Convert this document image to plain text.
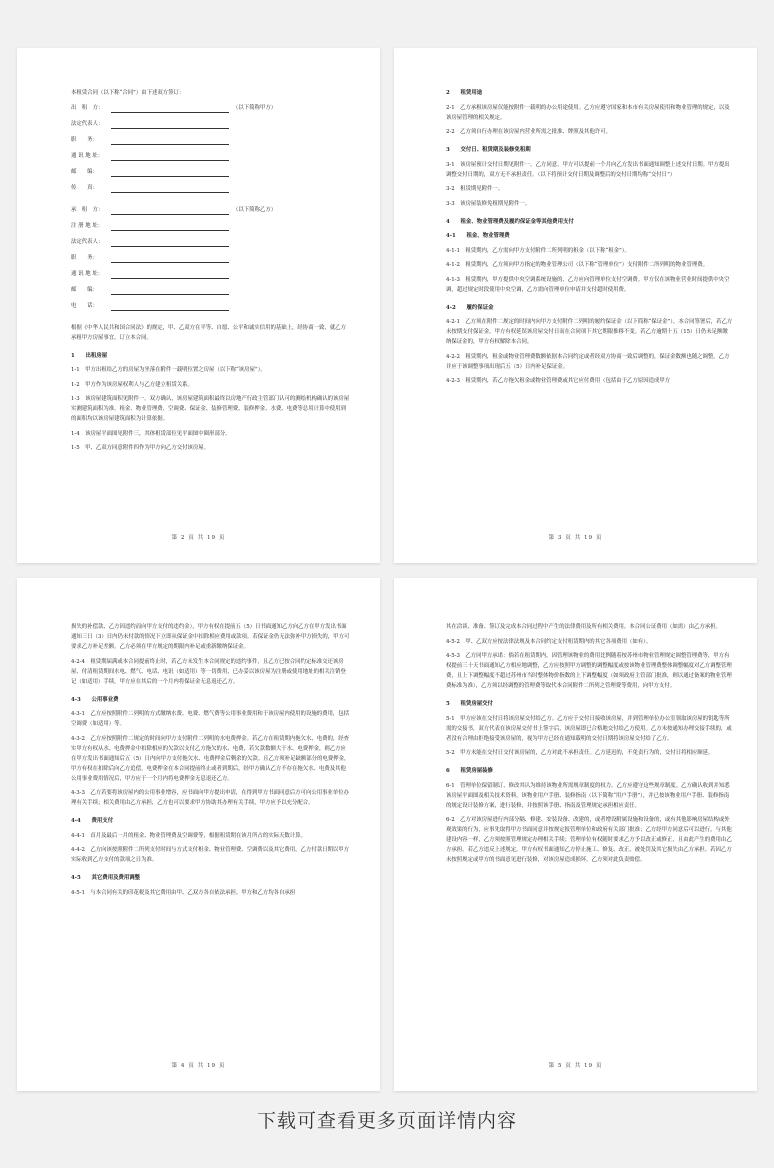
本租赁合同（以下称“合同”）由下述双方签订：

出　租　方：	（以下简称甲方）
法定代表人：
职　　务：
通 讯 地 址：
邮　　编：
传　　真：
承　租　方：	（以下简称乙方）
注 册 地 址：
法定代表人：
职　　务：
通 讯 地 址：
邮　　编：
电　　话：

根据《中华人民共和国合同法》的规定，甲、乙双方在平等、自愿、公平和诚实信用的基础上，经协商一致，就乙方承租甲方房屋事宜，订立本合同。

1　　出租房屋

1-1　甲方出租给乙方的房屋为坐落在附件一载明位置之房屋（以下称“该房屋”）。

1-2　甲方作为该房屋权利人与乙方建立租赁关系。

1-3　该房屋建筑面积见附件一。双方确认，该房屋建筑面积最终以房地产行政主管部门认可的测绘机构确认的该房屋实测建筑面积为准。租金、物业管理费、空调费、保证金、装修管理费、装修押金、水费、电费等总用计算中使用到的面积均以该房屋建筑面积为计算依据。

1-4　该房屋平面图见附件三，其体租赁部位见平面图中圈形部分。

1-5　甲、乙双方同意附件四作为甲方向乙方交付该房屋。

第 2 页 共 19 页

2　　租赁用途

2-1　乙方承租该房屋仅能按附件一载明的办公用途使用。乙方应遵守国家和本市有关房屋使用和物业管理的规定，以及该房屋管理的相关规定。

2-2　乙方须自行办理在该房屋内营业所需之批准、牌照及其他许可。

3　　交付日、租赁期及装修免租期

3-1　该房屋预计交付日期见附件一。乙方同意，甲方可以提前一个月向乙方发出书面通知调整上述交付日期。甲方提出调整交付日期的，双方无不承担责任。（以下将预计交付日期及调整后的交付日期均称“交付日”）

3-2　租赁期见附件一。

3-3　该房屋装修免租期见附件一。

4　　租金、物业管理费及履约保证金等其他费用支付

4-1　　租金、物业管理费

4-1-1　租赁期内，乙方需向甲方支付附件二所列明的租金（以下称“租金”）。

4-1-2　租赁期内，乙方须向甲方指定的物业管理公司（以下称“管理单位”）支付附件二所列明的物业管理费。

4-1-3　租赁期内，甲方提供中央空调系统设施的，乙方应向管理单位支付空调费。甲方仅在该物业营业时间提供中央空调，超过规定时段使用中央空调，乙方需向管理单位申请并支付超时使用费。

4-2　　履约保证金

4-2-1　乙方须在附件二规定的时间内向甲方支付附件二列明的履约保证金（以下简称“保证金”），本合同签署后，若乙方未按期支付保证金，甲方有权延误该房屋交付日而在合同项下其它期限推移不变。若乙方逾期十五（15）日仍未足额缴纳保证金的，甲方有权解除本合同。

4-2-2　租赁期内，租金或物业管理费数额依据本合同约定或者经双方协商一致后调整的，保证金数额也随之调整，乙方并应于该调整事项出现后五（5）日内补足保证金。

4-2-3　租赁期内，若乙方拖欠租金或物业管理费或其它应付费用（包括由于乙方原因造成甲方

第 3 页 共 19 页

损失的补偿款、乙方因违约而向甲方支付的违约金），甲方有权在提前五（5）日书面通知乙方向乙方在甲方发出书面通知三日（3）日内仍未付款的情况下立即从保证金中扣除相应费用或款项。若保证金仍无法弥补甲方损失的，甲方可要求乙方补足差额。乙方必须在甲方规定的期限内补足或重新缴纳保证金。

4-2-4　租赁期届满或本合同提前终止时，若乙方未发生本合同规定的违约事件，且乙方已按合同约定标准交还该房屋、付清租赁期间水电、燃气、电话、电讯（如适用）等一切费用，已办妥以该房屋为注册或使用地址的相关注销登记（如适用）手续，甲方应在其后的一个月内将保证金无息返还乙方。

4-3　　公用事业费

4-3-1　乙方应按照附件二列明的方式缴纳水费、电费、燃气费等公用事业费用和于该房屋内使用的设施的费用，包括空调费（如适用）等。

4-3-2　乙方应按照附件二规定的时间向甲方支付附件二列明的水电费押金。若乙方在租赁期内拖欠水、电费的，经查实甲方有权从水、电费押金中扣除相应的欠款以支付乙方拖欠的水、电费，若欠款数额大于水、电费押金，则乙方应在甲方发出书面通知后五（5）日内向甲方支付拖欠水、电费押金后剩余的欠款。且乙方须补足缺额部分的电费押金，甲方有权在扣除后向乙方追偿。电费押金在本合同提前终止或者到期后，经甲方确认乙方不存在拖欠水、电费及其他公用事业费用情况后，甲方应于一个月内将电费押金无息退还乙方。

4-3-3　乙方若要将该房屋内的公用事业增容，应书面向甲方提出申请，在得到甲方书面同意后方可向公用事业单位办理有关手续；相关费用由乙方承担，乙方也可以要求甲方协助其办理有关手续，甲方应予以充分配合。

4-4　　费用支付

4-4-1　首月及最后一月的租金、物业管理费及空调费等，根据租赁期在该月所占的实际天数计算。

4-4-2　乙方向该按照附件二所列支付时间与方式支付租金、物业管理费、空调费以及其它费用，乙方付款日期以甲方实际收到乙方支付的款项之日为准。

4-5　　其它费用及费用调整

4-5-1　与本合同有关的印花税及其它费用由甲、乙双方各自依法承担。甲方和乙方均各自承担

第 4 页 共 19 页

其在洽谈、准备、签订及完成本合同过程中产生的法律费用及所有相关费用。本合同公证费用（如需）由乙方承担。

4-5-2　甲、乙双方应按法律法规及本合同约定支付租赁期内的其它各项费用（如有）。

4-5-3　乙方同甲方承诺：倘若在租赁期内，因管理该物业的费用比例随着按苏州市物业管理规定调整管理费等，甲方有权提前三十天书面通知乙方相应地调整，乙方应按照甲方调整的调整幅度或按该物业管理费整体调整幅度对乙方调整管理费，且上下调整幅度不超过苏州市当时整体物价指数的上下调整幅度（如须政府主管部门批准，则以通过备案的物业管理费标准为准），乙方须以经调整的管理费等取代本合同附件二所列之管理费等费用，向甲方支付。

5　　租赁房屋交付

5-1　甲方应该在交付日将该房屋交付给乙方。乙方应于交付日接收该房屋，并到管理单位办公室领取该房屋的钥匙等所需的交接书，双方代表在该房屋交付书上签字后，该房屋即已合格地交付给乙方使用。乙方未按通知办理交接手续的，或者没有合理由拒绝接受该房屋的，视为甲方已经在通知载明的交付日期将该房屋交付给了乙方。

5-2　甲方未能在交付日交付该房屋的，乙方对此不承担责任。乙方延迟的，不免责行为的，交付日将相应顺延。

6　　租赁房屋装修

6-1　管理单位保留制订、修改其认为维持该物业所需规章制度的权力。乙方应遵守这些规章制度。乙方确认收到并知悉该房屋平面图及相关技术资料，该物业用户手册、装修指南（以下简称“用户手册”），并已按该物业用户手册、装修指南的规定设计装修方案，进行装修，并按照该手册、指南及管理规定承担相应责任。

6-2　乙方对该房屋进行内部分隔、修建、安装设备、改建的，或者增设附属设施和设备的，或有其他影响房屋结构或外观效果的行为，应事先取得甲方书面同意并按规定报管理单位和政府有关部门批准；乙方经甲方同意后可以进行，与其他建设内容一样，乙方须按照管理规定办理相关手续；管理单位有权随时要求乙方予以改正或修正，且由此产生的费用由乙方承担。若乙方违反上述规定，甲方有权书面通知乙方停止施工、修复、改正，被处罚及其它损失由乙方承担。若因乙方未按照规定或甲方的书面意见进行装修，对该房屋造成损坏，乙方须对此负责赔偿。

第 5 页 共 19 页
下载可查看更多页面详情内容
